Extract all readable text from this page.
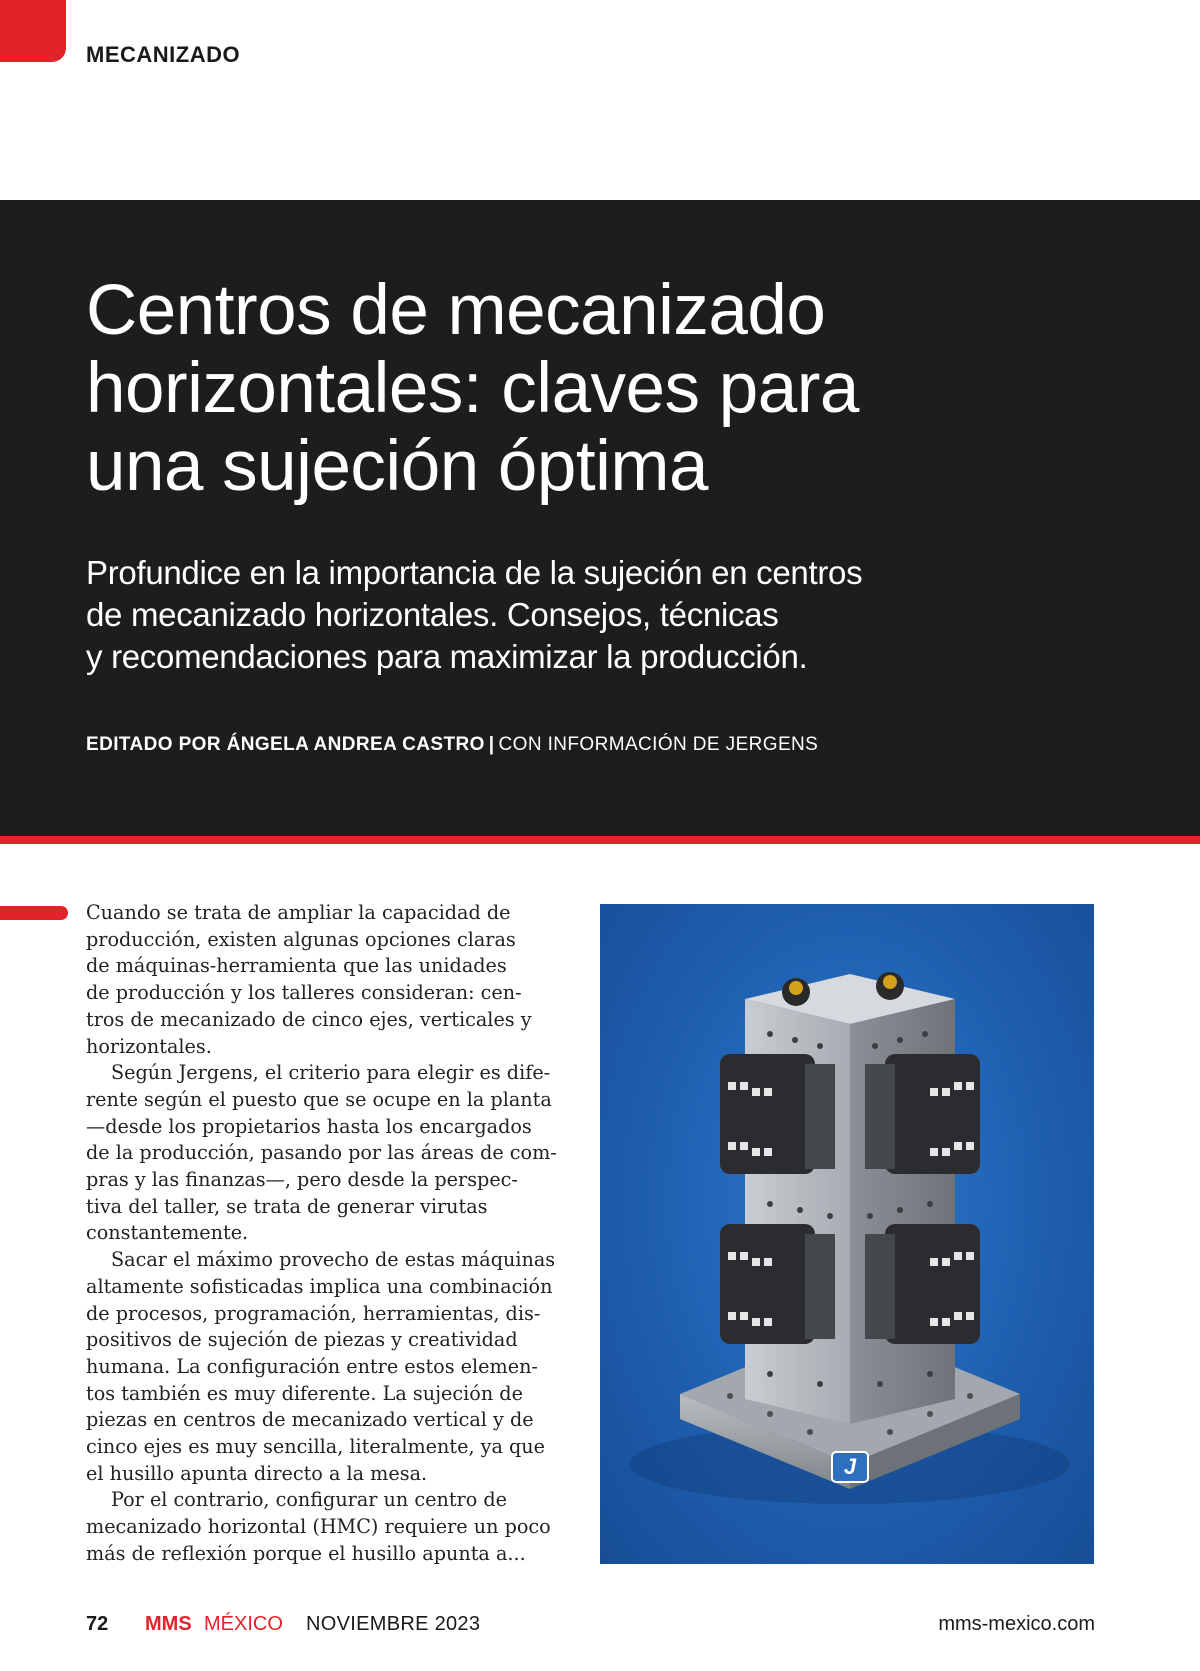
MECANIZADO
Centros de mecanizado
horizontales: claves para
una sujeción óptima

Profundice en la importancia de la sujeción en centros
de mecanizado horizontales. Consejos, técnicas
y recomendaciones para maximizar la producción.

EDITADO POR ÁNGELA ANDREA CASTRO | CON INFORMACIÓN DE JERGENS
Cuando se trata de ampliar la capacidad de
producción, existen algunas opciones claras
de máquinas-herramienta que las unidades
de producción y los talleres consideran: cen-
tros de mecanizado de cinco ejes, verticales y
horizontales.
Según Jergens, el criterio para elegir es dife-
rente según el puesto que se ocupe en la planta
—desde los propietarios hasta los encargados
de la producción, pasando por las áreas de com-
pras y las finanzas—, pero desde la perspec-
tiva del taller, se trata de generar virutas
constantemente.
Sacar el máximo provecho de estas máquinas
altamente sofisticadas implica una combinación
de procesos, programación, herramientas, dis-
positivos de sujeción de piezas y creatividad
humana. La configuración entre estos elemen-
tos también es muy diferente. La sujeción de
piezas en centros de mecanizado vertical y de
cinco ejes es muy sencilla, literalmente, ya que
el husillo apunta directo a la mesa.
Por el contrario, configurar un centro de
mecanizado horizontal (HMC) requiere un poco
más de reflexión porque el husillo apunta a...
J
72 MMS MÉXICO NOVIEMBRE 2023	mms-mexico.com
